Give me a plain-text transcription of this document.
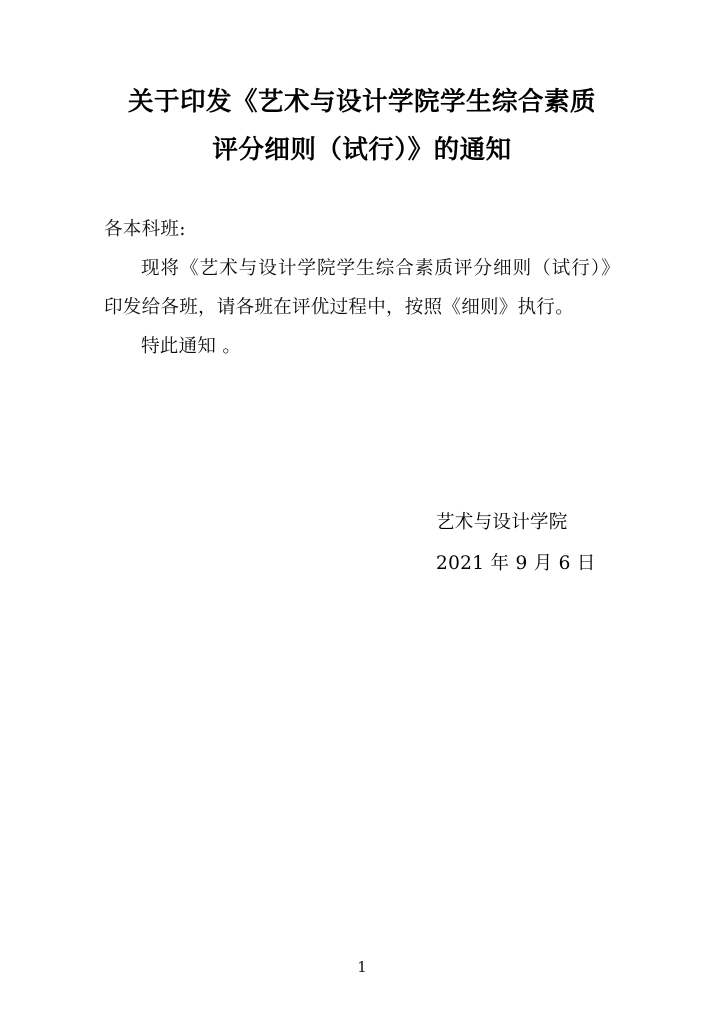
关于印发《艺术与设计学院学生综合素质
评分细则（试行）》的通知

各本科班:

现将《艺术与设计学院学生综合素质评分细则（试行）》印发给各班，请各班在评优过程中，按照《细则》执行。

特此通知 。

艺术与设计学院

2021 年 9 月 6 日

1
